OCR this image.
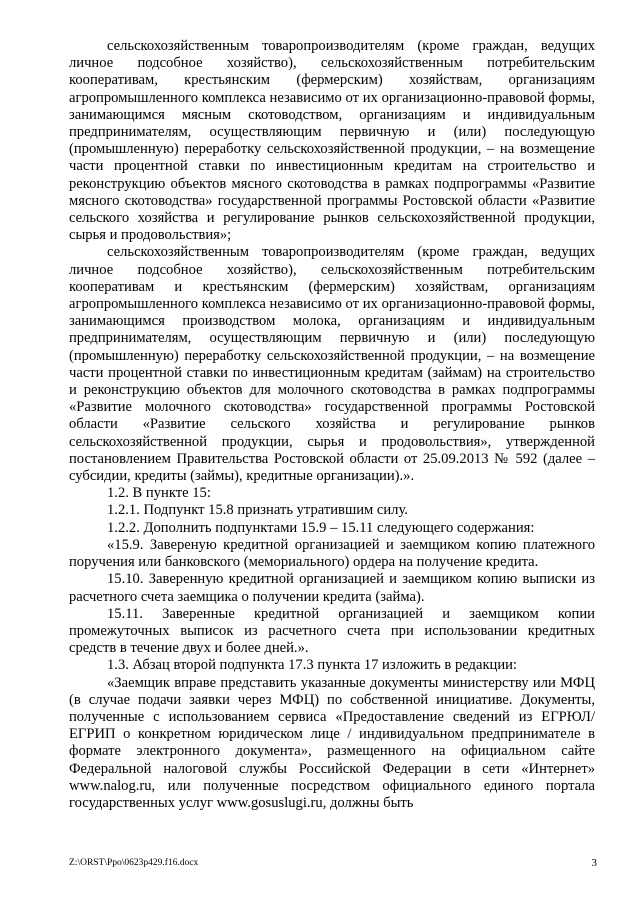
сельскохозяйственным товаропроизводителям (кроме граждан, ведущих личное подсобное хозяйство), сельскохозяйственным потребительским кооперативам, крестьянским (фермерским) хозяйствам, организациям агропромышленного комплекса независимо от их организационно-правовой формы, занимающимся мясным скотоводством, организациям и индивидуальным предпринимателям, осуществляющим первичную и (или) последующую (промышленную) переработку сельскохозяйственной продукции, – на возмещение части процентной ставки по инвестиционным кредитам на строительство и реконструкцию объектов мясного скотоводства в рамках подпрограммы «Развитие мясного скотоводства» государственной программы Ростовской области «Развитие сельского хозяйства и регулирование рынков сельскохозяйственной продукции, сырья и продовольствия»;

сельскохозяйственным товаропроизводителям (кроме граждан, ведущих личное подсобное хозяйство), сельскохозяйственным потребительским кооперативам и крестьянским (фермерским) хозяйствам, организациям агропромышленного комплекса независимо от их организационно-правовой формы, занимающимся производством молока, организациям и индивидуальным предпринимателям, осуществляющим первичную и (или) последующую (промышленную) переработку сельскохозяйственной продукции, – на возмещение части процентной ставки по инвестиционным кредитам (займам) на строительство и реконструкцию объектов для молочного скотоводства в рамках подпрограммы «Развитие молочного скотоводства» государственной программы Ростовской области «Развитие сельского хозяйства и регулирование рынков сельскохозяйственной продукции, сырья и продовольствия», утвержденной постановлением Правительства Ростовской области от 25.09.2013 № 592 (далее – субсидии, кредиты (займы), кредитные организации).».

1.2. В пункте 15:

1.2.1. Подпункт 15.8 признать утратившим силу.

1.2.2. Дополнить подпунктами 15.9 – 15.11 следующего содержания:

«15.9. Завереную кредитной организацией и заемщиком копию платежного поручения или банковского (мемориального) ордера на получение кредита.

15.10. Заверенную кредитной организацией и заемщиком копию выписки из расчетного счета заемщика о получении кредита (займа).

15.11. Заверенные кредитной организацией и заемщиком копии промежуточных выписок из расчетного счета при использовании кредитных средств в течение двух и более дней.».

1.3. Абзац второй подпункта 17.3 пункта 17 изложить в редакции:

«Заемщик вправе представить указанные документы министерству или МФЦ (в случае подачи заявки через МФЦ) по собственной инициативе. Документы, полученные с использованием сервиса «Предоставление сведений из ЕГРЮЛ/ЕГРИП о конкретном юридическом лице / индивидуальном предпринимателе в формате электронного документа», размещенного на официальном сайте Федеральной налоговой службы Российской Федерации в сети «Интернет» www.nalog.ru, или полученные посредством официального единого портала государственных услуг www.gosuslugi.ru, должны быть

Z:\ORST\Ppo\0623p429.f16.docx	3
